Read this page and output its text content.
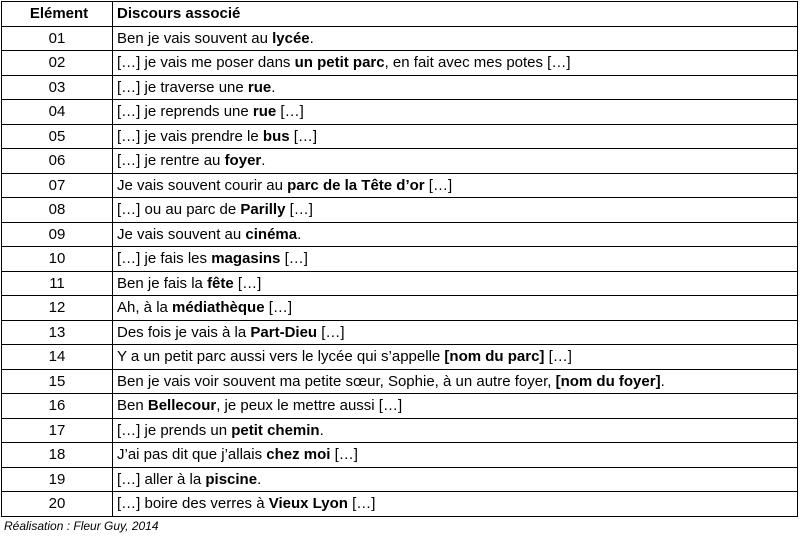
Elément	Discours associé
01	Ben je vais souvent au lycée.
02	[…] je vais me poser dans un petit parc, en fait avec mes potes […]
03	[…] je traverse une rue.
04	[…] je reprends une rue […]
05	[…] je vais prendre le bus […]
06	[…] je rentre au foyer.
07	Je vais souvent courir au parc de la Tête d’or […]
08	[…] ou au parc de Parilly […]
09	Je vais souvent au cinéma.
10	[…] je fais les magasins […]
11	Ben je fais la fête […]
12	Ah, à la médiathèque […]
13	Des fois je vais à la Part-Dieu […]
14	Y a un petit parc aussi vers le lycée qui s’appelle [nom du parc] […]
15	Ben je vais voir souvent ma petite sœur, Sophie, à un autre foyer, [nom du foyer].
16	Ben Bellecour, je peux le mettre aussi […]
17	[…] je prends un petit chemin.
18	J’ai pas dit que j’allais chez moi […]
19	[…] aller à la piscine.
20	[…] boire des verres à Vieux Lyon […]
Réalisation : Fleur Guy, 2014
